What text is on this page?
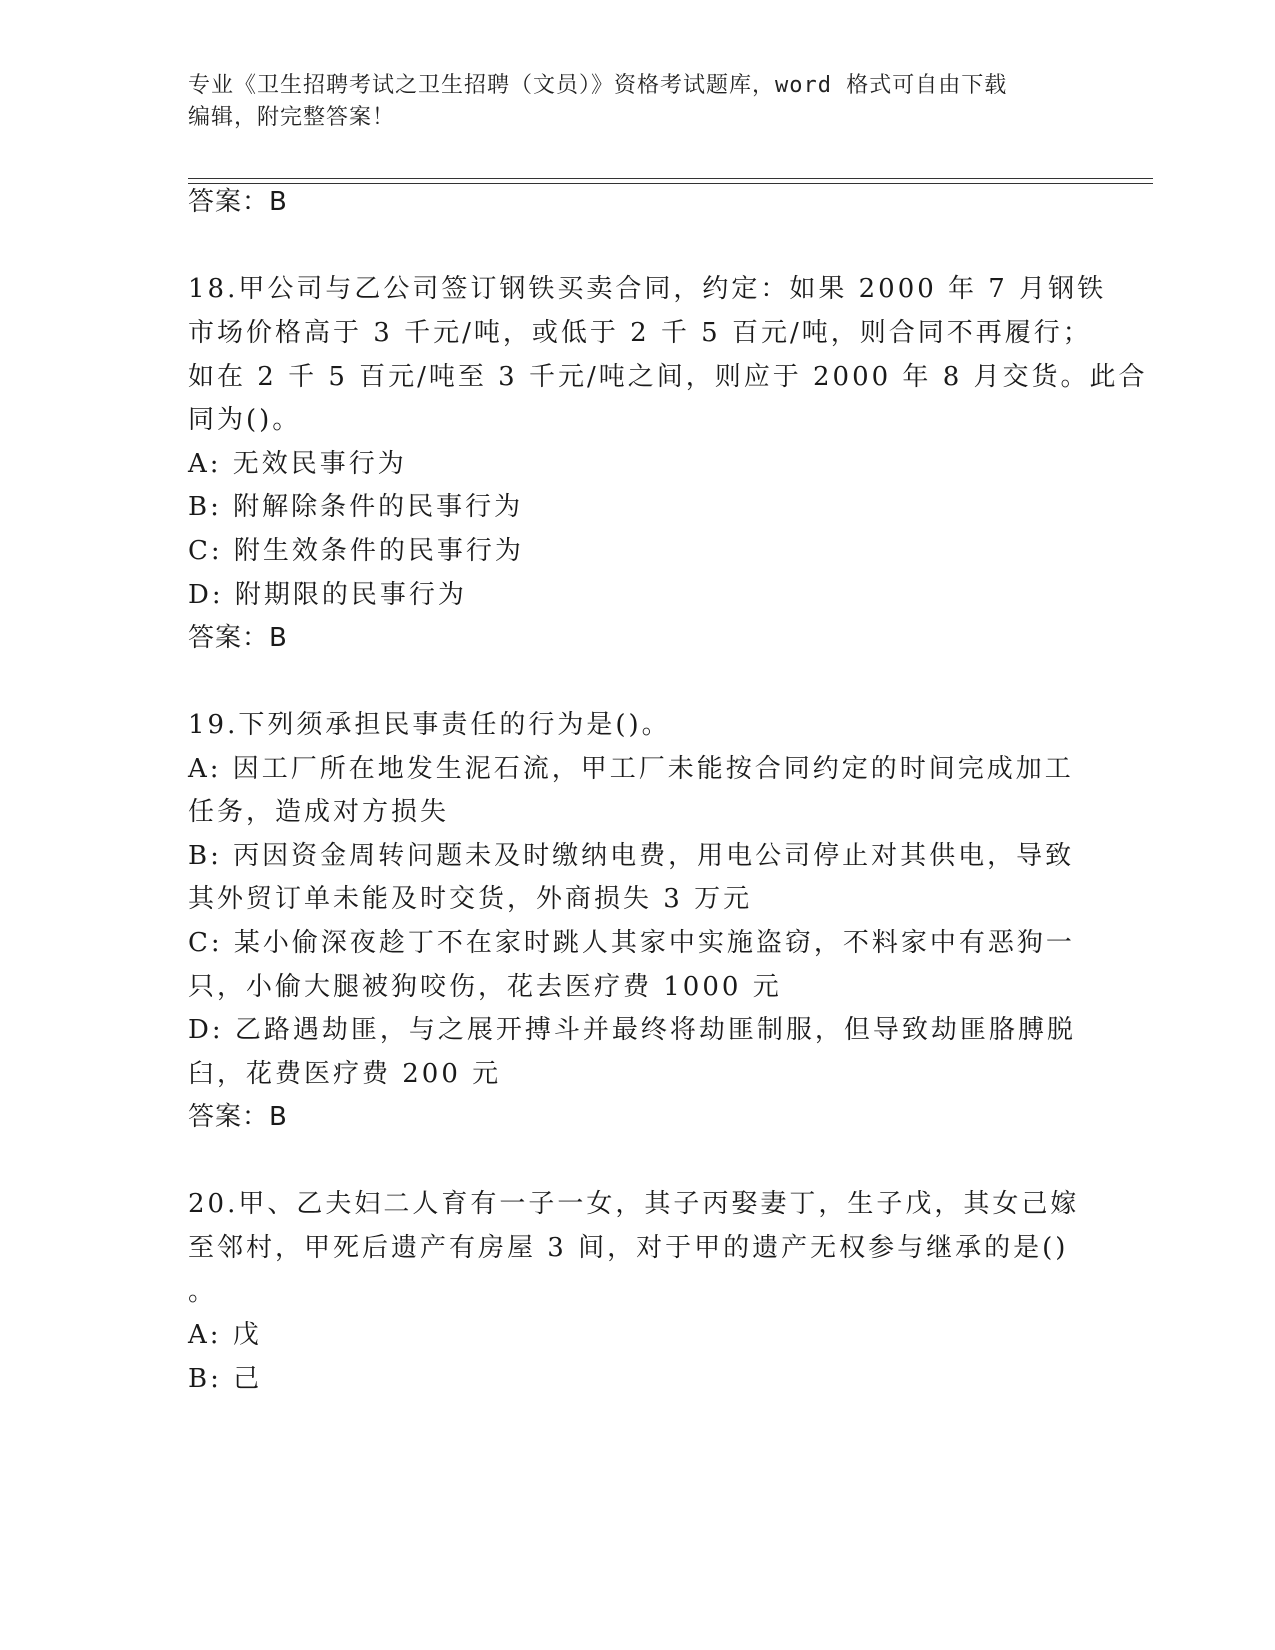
专业《卫生招聘考试之卫生招聘（文员）》资格考试题库，word 格式可自由下载
编辑，附完整答案！
答案：B
18.甲公司与乙公司签订钢铁买卖合同，约定：如果 2000 年 7 月钢铁
市场价格高于 3 千元/吨，或低于 2 千 5 百元/吨，则合同不再履行；
如在 2 千 5 百元/吨至 3 千元/吨之间，则应于 2000 年 8 月交货。此合
同为()。
A: 无效民事行为
B: 附解除条件的民事行为
C: 附生效条件的民事行为
D: 附期限的民事行为
答案：B
19.下列须承担民事责任的行为是()。
A: 因工厂所在地发生泥石流，甲工厂未能按合同约定的时间完成加工
任务，造成对方损失
B: 丙因资金周转问题未及时缴纳电费，用电公司停止对其供电，导致
其外贸订单未能及时交货，外商损失 3 万元
C: 某小偷深夜趁丁不在家时跳人其家中实施盗窃，不料家中有恶狗一
只，小偷大腿被狗咬伤，花去医疗费 1000 元
D: 乙路遇劫匪，与之展开搏斗并最终将劫匪制服，但导致劫匪胳膊脱
臼，花费医疗费 200 元
答案：B
20.甲、乙夫妇二人育有一子一女，其子丙娶妻丁，生子戊，其女己嫁
至邻村，甲死后遗产有房屋 3 间，对于甲的遗产无权参与继承的是()
。
A: 戊
B: 己
